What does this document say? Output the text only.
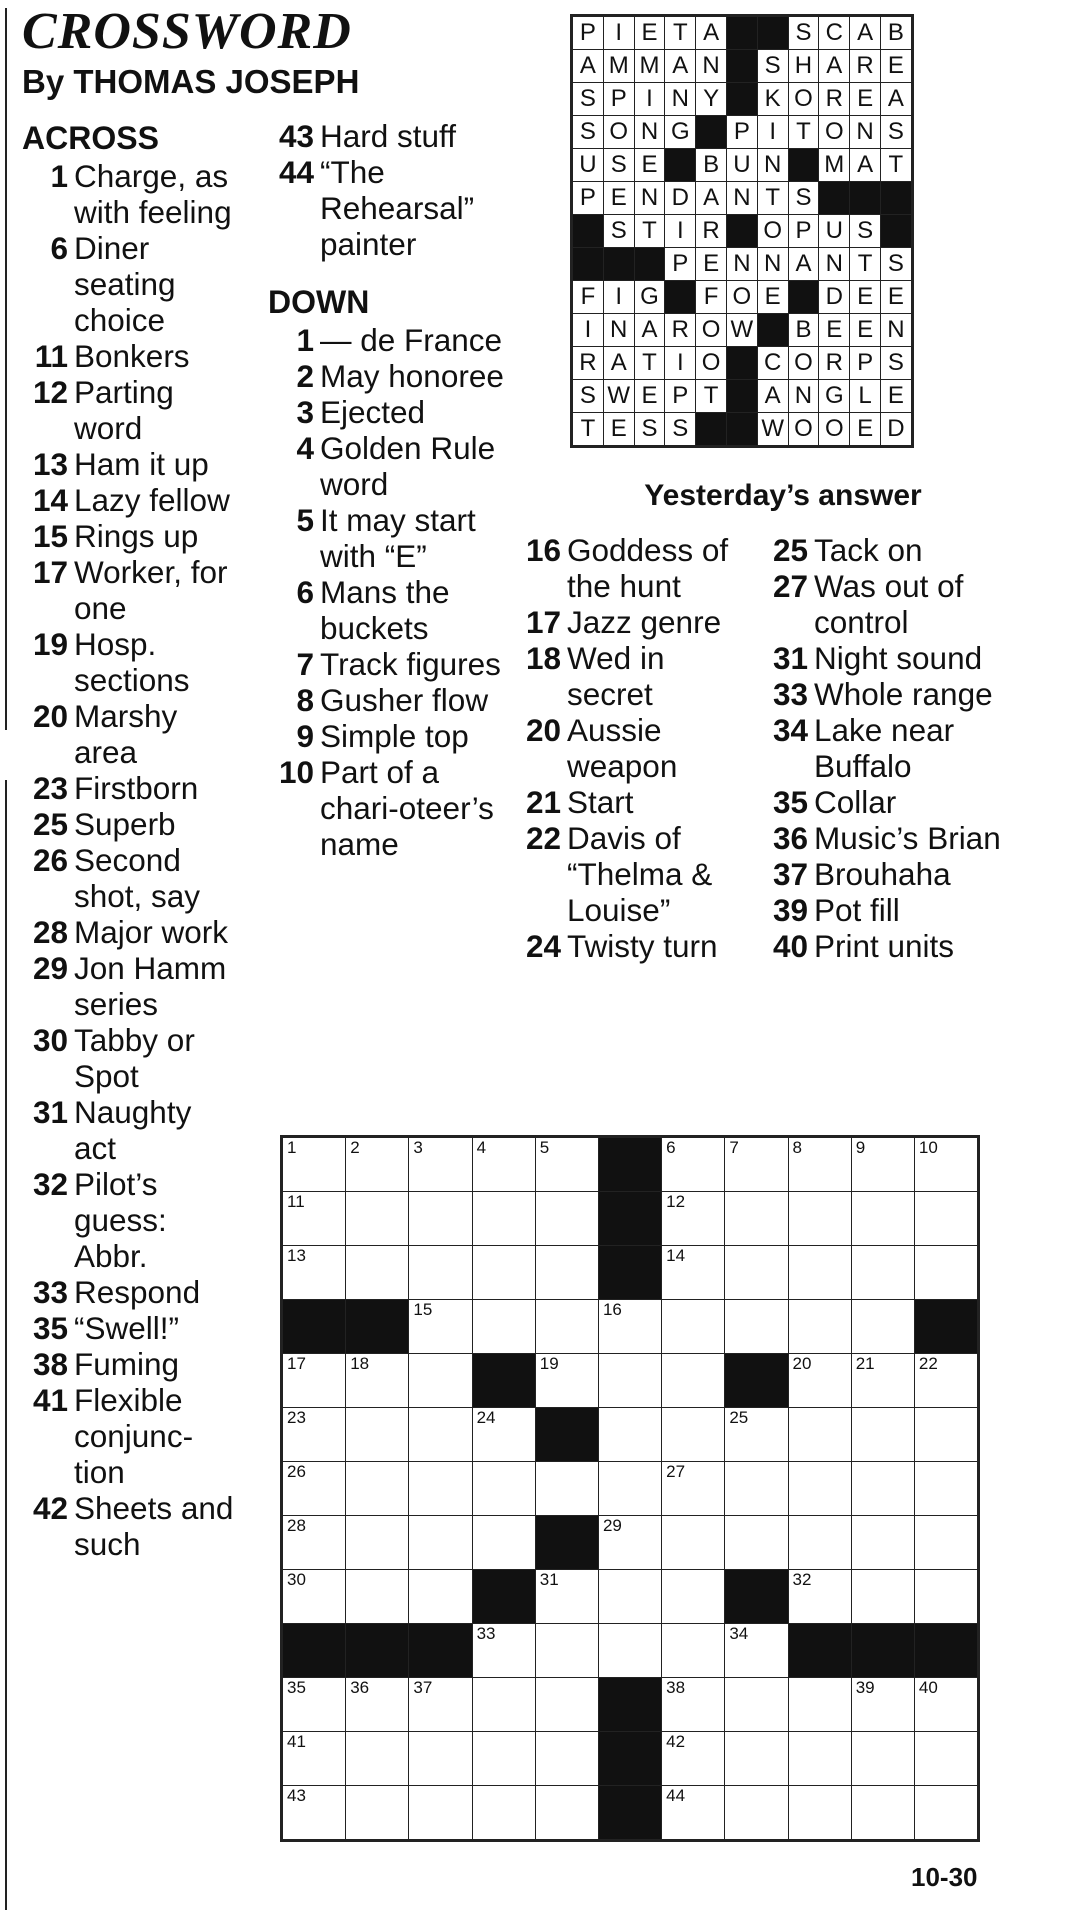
CROSSWORD
By THOMAS JOSEPH
ACROSS
1 Charge, as with feeling
6 Diner seating choice
11 Bonkers
12 Parting word
13 Ham it up
14 Lazy fellow
15 Rings up
17 Worker, for one
19 Hosp. sections
20 Marshy area
23 Firstborn
25 Superb
26 Second shot, say
28 Major work
29 Jon Hamm series
30 Tabby or Spot
31 Naughty act
32 Pilot’s guess: Abbr.
33 Respond
35 “Swell!”
38 Fuming
41 Flexible conjunc-tion
42 Sheets and such
43 Hard stuff
44 “The Rehearsal” painter
DOWN
1 — de France
2 May honoree
3 Ejected
4 Golden Rule word
5 It may start with “E”
6 Mans the buckets
7 Track figures
8 Gusher flow
9 Simple top
10 Part of a chari-oteer’s name
16 Goddess of the hunt
17 Jazz genre
18 Wed in secret
20 Aussie weapon
21 Start
22 Davis of “Thelma & Louise”
24 Twisty turn
25 Tack on
27 Was out of control
31 Night sound
33 Whole range
34 Lake near Buffalo
35 Collar
36 Music’s Brian
37 Brouhaha
39 Pot fill
40 Print units
P	I	E	T	A			S	C	A	B
A	M	M	A	N		S	H	A	R	E
S	P	I	N	Y		K	O	R	E	A
S	O	N	G		P	I	T	O	N	S
U	S	E		B	U	N		M	A	T
P	E	N	D	A	N	T	S			
	S	T	I	R		O	P	U	S	
			P	E	N	N	A	N	T	S
F	I	G		F	O	E		D	E	E
I	N	A	R	O	W		B	E	E	N
R	A	T	I	O		C	O	R	P	S
S	W	E	P	T		A	N	G	L	E
T	E	S	S			W	O	O	E	D
Yesterday’s answer
1	2	3	4	5		6	7	8	9	10

11						12				

13						14				

		15			16					

17	18			19				20	21	22

23			24				25			

26						27				

28					29					

30				31				32		

			33				34			

35	36	37				38			39	40

41						42				

43						44				

10-30
